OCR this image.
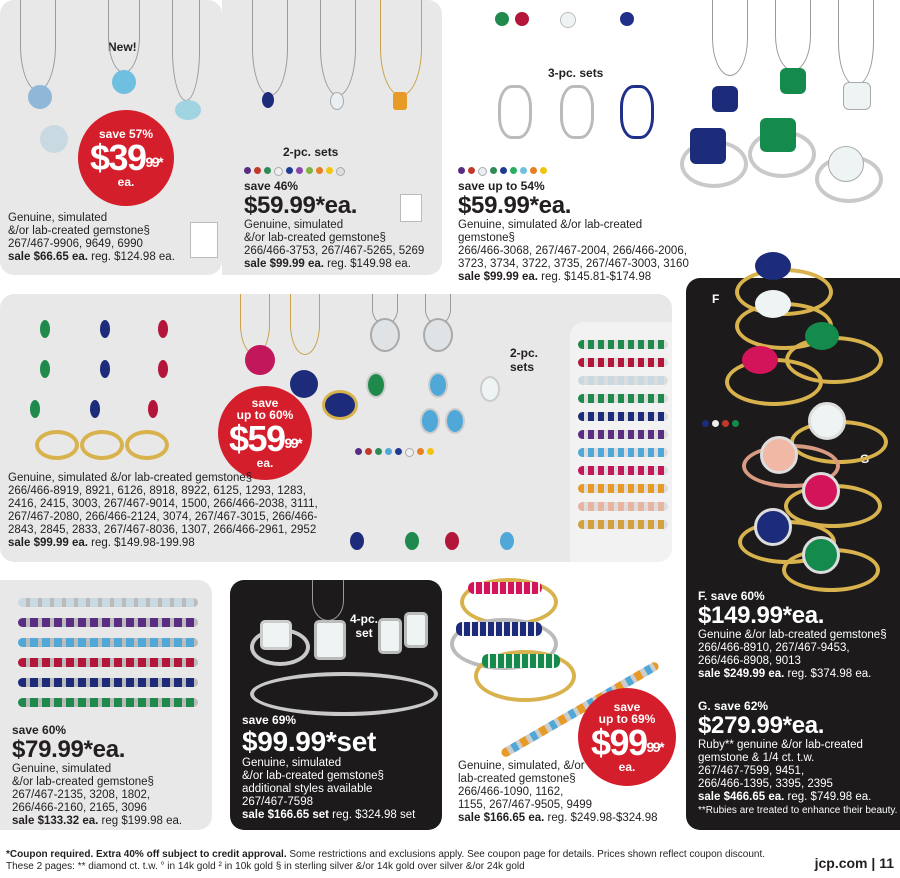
New!
save 57%
$\$39^{99*}$
ea.
Genuine, simulated
&/or lab-created gemstone§
267/467-9906, 9649, 6990
sale $66.65 ea. reg. $124.98 ea.
2-pc. sets
save 46%
$59.99*ea.
Genuine, simulated
&/or lab-created gemstone§
266/466-3753, 267/467-5265, 5269
sale $99.99 ea. reg. $149.98 ea.
3-pc. sets
save up to 54%
$59.99*ea.
Genuine, simulated &/or lab-created gemstone§
266/466-3068, 267/467-2004, 266/466-2006,
3723, 3734, 3722, 3735, 267/467-3003, 3160
sale $99.99 ea. reg. $145.81-$174.98
save
up to 60%
$\$59^{99*}$
ea.
2-pc.
sets
Genuine, simulated &/or lab-created gemstone§
266/466-8919, 8921, 6126, 8918, 8922, 6125, 1293, 1283,
2416, 2415, 3003, 267/467-9014, 1500, 266/466-2038, 3111,
267/467-2080, 266/466-2124, 3074, 267/467-3015, 266/466-
2843, 2845, 2833, 267/467-8036, 1307, 266/466-2961, 2952
sale $99.99 ea. reg. $149.98-199.98
F
G
F. save 60%
$149.99*ea.
Genuine &/or lab-created gemstone§
266/466-8910, 267/467-9453,
266/466-8908, 9013
sale $249.99 ea. reg. $374.98 ea.
G. save 62%
$279.99*ea.
Ruby** genuine &/or lab-created
gemstone & 1/4 ct. t.w.
267/467-7599, 9451,
266/466-1395, 3395, 2395
sale $466.65 ea. reg. $749.98 ea.
**Rubies are treated to enhance their beauty.
save 60%
$79.99*ea.
Genuine, simulated
&/or lab-created gemstone§
267/467-2135, 3208, 1802,
266/466-2160, 2165, 3096
sale $133.32 ea. reg $199.98 ea.
4-pc.
set
save 69%
$99.99*set
Genuine, simulated
&/or lab-created gemstone§
additional styles available
267/467-7598
sale $166.65 set reg. $324.98 set
save
up to 69%
$\$99^{99*}$
ea.
Genuine, simulated, &/or
lab-created gemstone§
266/466-1090, 1162,
1155, 267/467-9505, 9499
sale $166.65 ea. reg. $249.98-$324.98
*Coupon required. Extra 40% off subject to credit approval. Some restrictions and exclusions apply. See coupon page for details. Prices shown reflect coupon discount.
These 2 pages: ** diamond ct. t.w. ° in 14k gold ² in 10k gold § in sterling silver &/or 14k gold over silver &/or 24k gold	jcp.com | 11
